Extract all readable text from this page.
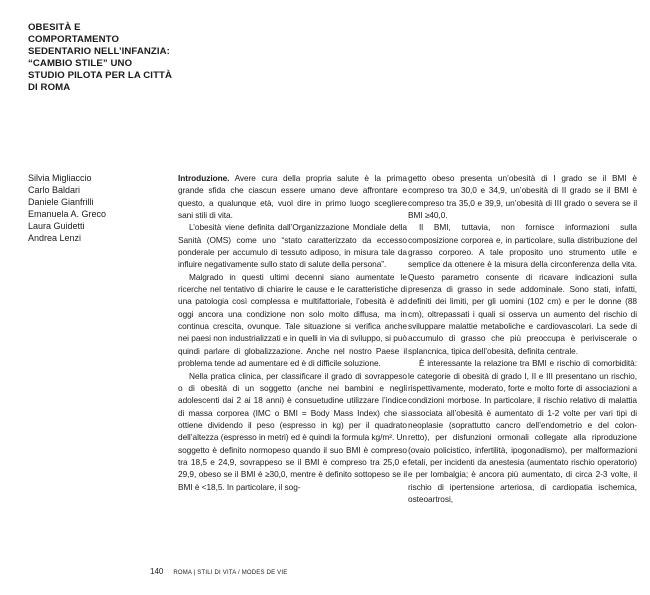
OBESITÀ E
COMPORTAMENTO
SEDENTARIO NELL’INFANZIA:
“CAMBIO STILE” UNO
STUDIO PILOTA PER LA CITTÀ
DI ROMA
Silvia Migliaccio
Carlo Baldari
Daniele Gianfrilli
Emanuela A. Greco
Laura Guidetti
Andrea Lenzi

Introduzione. Avere cura della propria salute è la prima grande sfida che ciascun essere umano deve affrontare e questo, a qualunque età, vuol dire in primo luogo scegliere sani stili di vita.

L’obesità viene definita dall’Organizzazione Mondiale della Sanità (OMS) come uno “stato caratterizzato da eccesso ponderale per accumulo di tessuto adiposo, in misura tale da influire negativamente sullo stato di salute della persona”.

Malgrado in questi ultimi decenni siano aumentate le ricerche nel tentativo di chiarire le cause e le caratteristiche di una patologia così complessa e multifattoriale, l’obesità è ad oggi ancora una condizione non solo molto diffusa, ma in continua crescita, ovunque. Tale situazione si verifica anche nei paesi non industrializzati e in quelli in via di sviluppo, si può quindi parlare di globalizzazione. Anche nel nostro Paese il problema tende ad aumentare ed è di difficile soluzione.

Nella pratica clinica, per classificare il grado di sovrappeso o di obesità di un soggetto (anche nei bambini e negli adolescenti dai 2 ai 18 anni) è consuetudine utilizzare l’indice di massa corporea (IMC o BMI = Body Mass Index) che si ottiene dividendo il peso (espresso in kg) per il quadrato dell’altezza (espresso in metri) ed è quindi la formula kg/m². Un soggetto è definito normopeso quando il suo BMI è compreso tra 18,5 e 24,9, sovrappeso se il BMI è compreso tra 25,0 e 29,9, obeso se il BMI è ≥30,0, mentre è definito sottopeso se il BMI è <18,5. In particolare, il sog-

getto obeso presenta un’obesità di I grado se il BMI è compreso tra 30,0 e 34,9, un’obesità di II grado se il BMI è compreso tra 35,0 e 39,9, un’obesità di III grado o severa se il BMI ≥40,0.

Il BMI, tuttavia, non fornisce informazioni sulla composizione corporea e, in particolare, sulla distribuzione del grasso corporeo. A tale proposito uno strumento utile e semplice da ottenere è la misura della circonferenza della vita. Questo parametro consente di ricavare indicazioni sulla presenza di grasso in sede addominale. Sono stati, infatti, definiti dei limiti, per gli uomini (102 cm) e per le donne (88 cm), oltrepassati i quali si osserva un aumento del rischio di sviluppare malattie metaboliche e cardiovascolari. La sede di accumulo di grasso che più preoccupa è periviscerale o splancnica, tipica dell’obesità, definita centrale.

È interessante la relazione tra BMI e rischio di comorbidità: le categorie di obesità di grado I, II e III presentano un rischio, rispettivamente, moderato, forte e molto forte di associazioni a condizioni morbose. In particolare, il rischio relativo di malattia associata all’obesità è aumentato di 1-2 volte per vari tipi di neoplasie (soprattutto cancro dell’endometrio e del colon-retto), per disfunzioni ormonali collegate alla riproduzione (ovaio policistico, infertilità, ipogonadismo), per malformazioni fetali, per incidenti da anestesia (aumentato rischio operatorio) e per lombalgia; è ancora più aumentato, di circa 2-3 volte, il rischio di ipertensione arteriosa, di cardiopatia ischemica, osteoartrosi,

140 ROMA | STILI DI VITA / MODES DE VIE
